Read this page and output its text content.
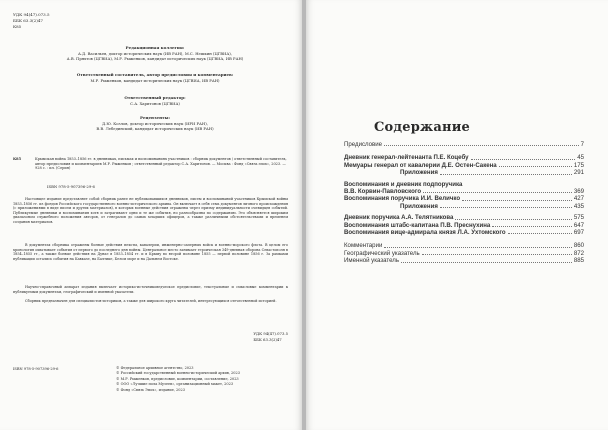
УДК 94(47).073.5
ББК 63.3(2)47
К85
Редакционная коллегия:
А.Д. Васильев, доктор исторических наук (ИВ РАН), М.С. Нешкин (ЦГВИА),
А.В. Пряхтов (ЦГВИА), М.Р. Рыженков, кандидат исторических наук (ЦГВИА, ИВ РАН)
Ответственный составитель, автор предисловия и комментариев:
М.Р. Рыженков, кандидат исторических наук (ЦГВИА, ИВ РАН)
Ответственный редактор:
С.А. Харитонов (ЦГВИА)
Рецензенты:
Д.Ю. Козлов, доктор исторических наук (ИРИ РАН),
В.В. Лебединский, кандидат исторических наук (ИВ РАН)
К85	Крымская война 1853–1856 гг. в дневниках, письмах и воспоминаниях участников : сборник документов / ответственный составитель, автор предисловия и комментариев М.Р. Рыженков ; ответственный редактор С.А. Харитонов. — Москва : Фонд «Связь эпох», 2023. — 928 с. : ил. (Серия)
ISBN 978-5-907396-29-6
Настоящее издание представляет собой сборник ранее не публиковавшихся дневников, писем и воспоминаний участников Крымской войны 1853–1856 гг. из фондов Российского государственного военно-исторического архива. Он включает в себя семь документов личного происхождения (с приложениями в виде писем и других материалов), в которых военные действия отражены через призму индивидуальности очевидцев событий. Публикуемые дневники и воспоминания хотя и затрагивают одни и те же события, но разнообразны по содержанию. Это объясняется широким диапазоном служебного положения авторов, от генералов до самых младших офицеров, а также различными обстоятельствами и временем создания материалов.
В документах сборника отражены боевые действия пехоты, кавалерии, инженерно-саперных войск и военно-морского флота. В целом его хронология охватывает события от первого до последнего дня войны. Центральное место занимает героическая 349-дневная оборона Севастополя в 1854–1855 гг., а также боевые действия на Дунае в 1853–1854 гг. и в Крыму во второй половине 1855 — первой половине 1856 г. За рамками публикации остались события на Кавказе, на Балтике, Белом море и на Дальнем Востоке.
Научно-справочный аппарат издания включает историко-источниковедческое предисловие, текстуальные и смысловые комментарии к публикуемым документам, географический и именной указатели.
Сборник предназначен для специалистов-историков, а также для широкого круга читателей, интересующихся отечественной историей.
УДК 94(47).073.5
ББК 63.3(2)47
ISBN 978-5-907396-29-6	© Федеральное архивное агентство, 2023
© Российский государственный военно-исторический архив, 2023
© М.Р. Рыженков, предисловие, комментарии, составление, 2023
© ООО «Лучшие пола Музеев», организационный макет, 2023
© Фонд «Связь Эпох», издание, 2023
Содержание
Предисловие	7
Дневник генерал-лейтенанта П.Е. Коцебу	45
Мемуары генерал от кавалерии Д.Е. Остен-Сакена	175
Приложения	291
Воспоминания и дневник подпоручика
В.В. Корвин-Павловского	369
Воспоминания поручика И.И. Величко	427
Приложения	435
Дневник поручика А.А. Телятникова	575
Воспоминания штабс-капитана П.В. Преснухина	647
Воспоминания вице-адмирала князя Л.А. Ухтомского	697
Комментарии	860
Географический указатель	872
Именной указатель	885
